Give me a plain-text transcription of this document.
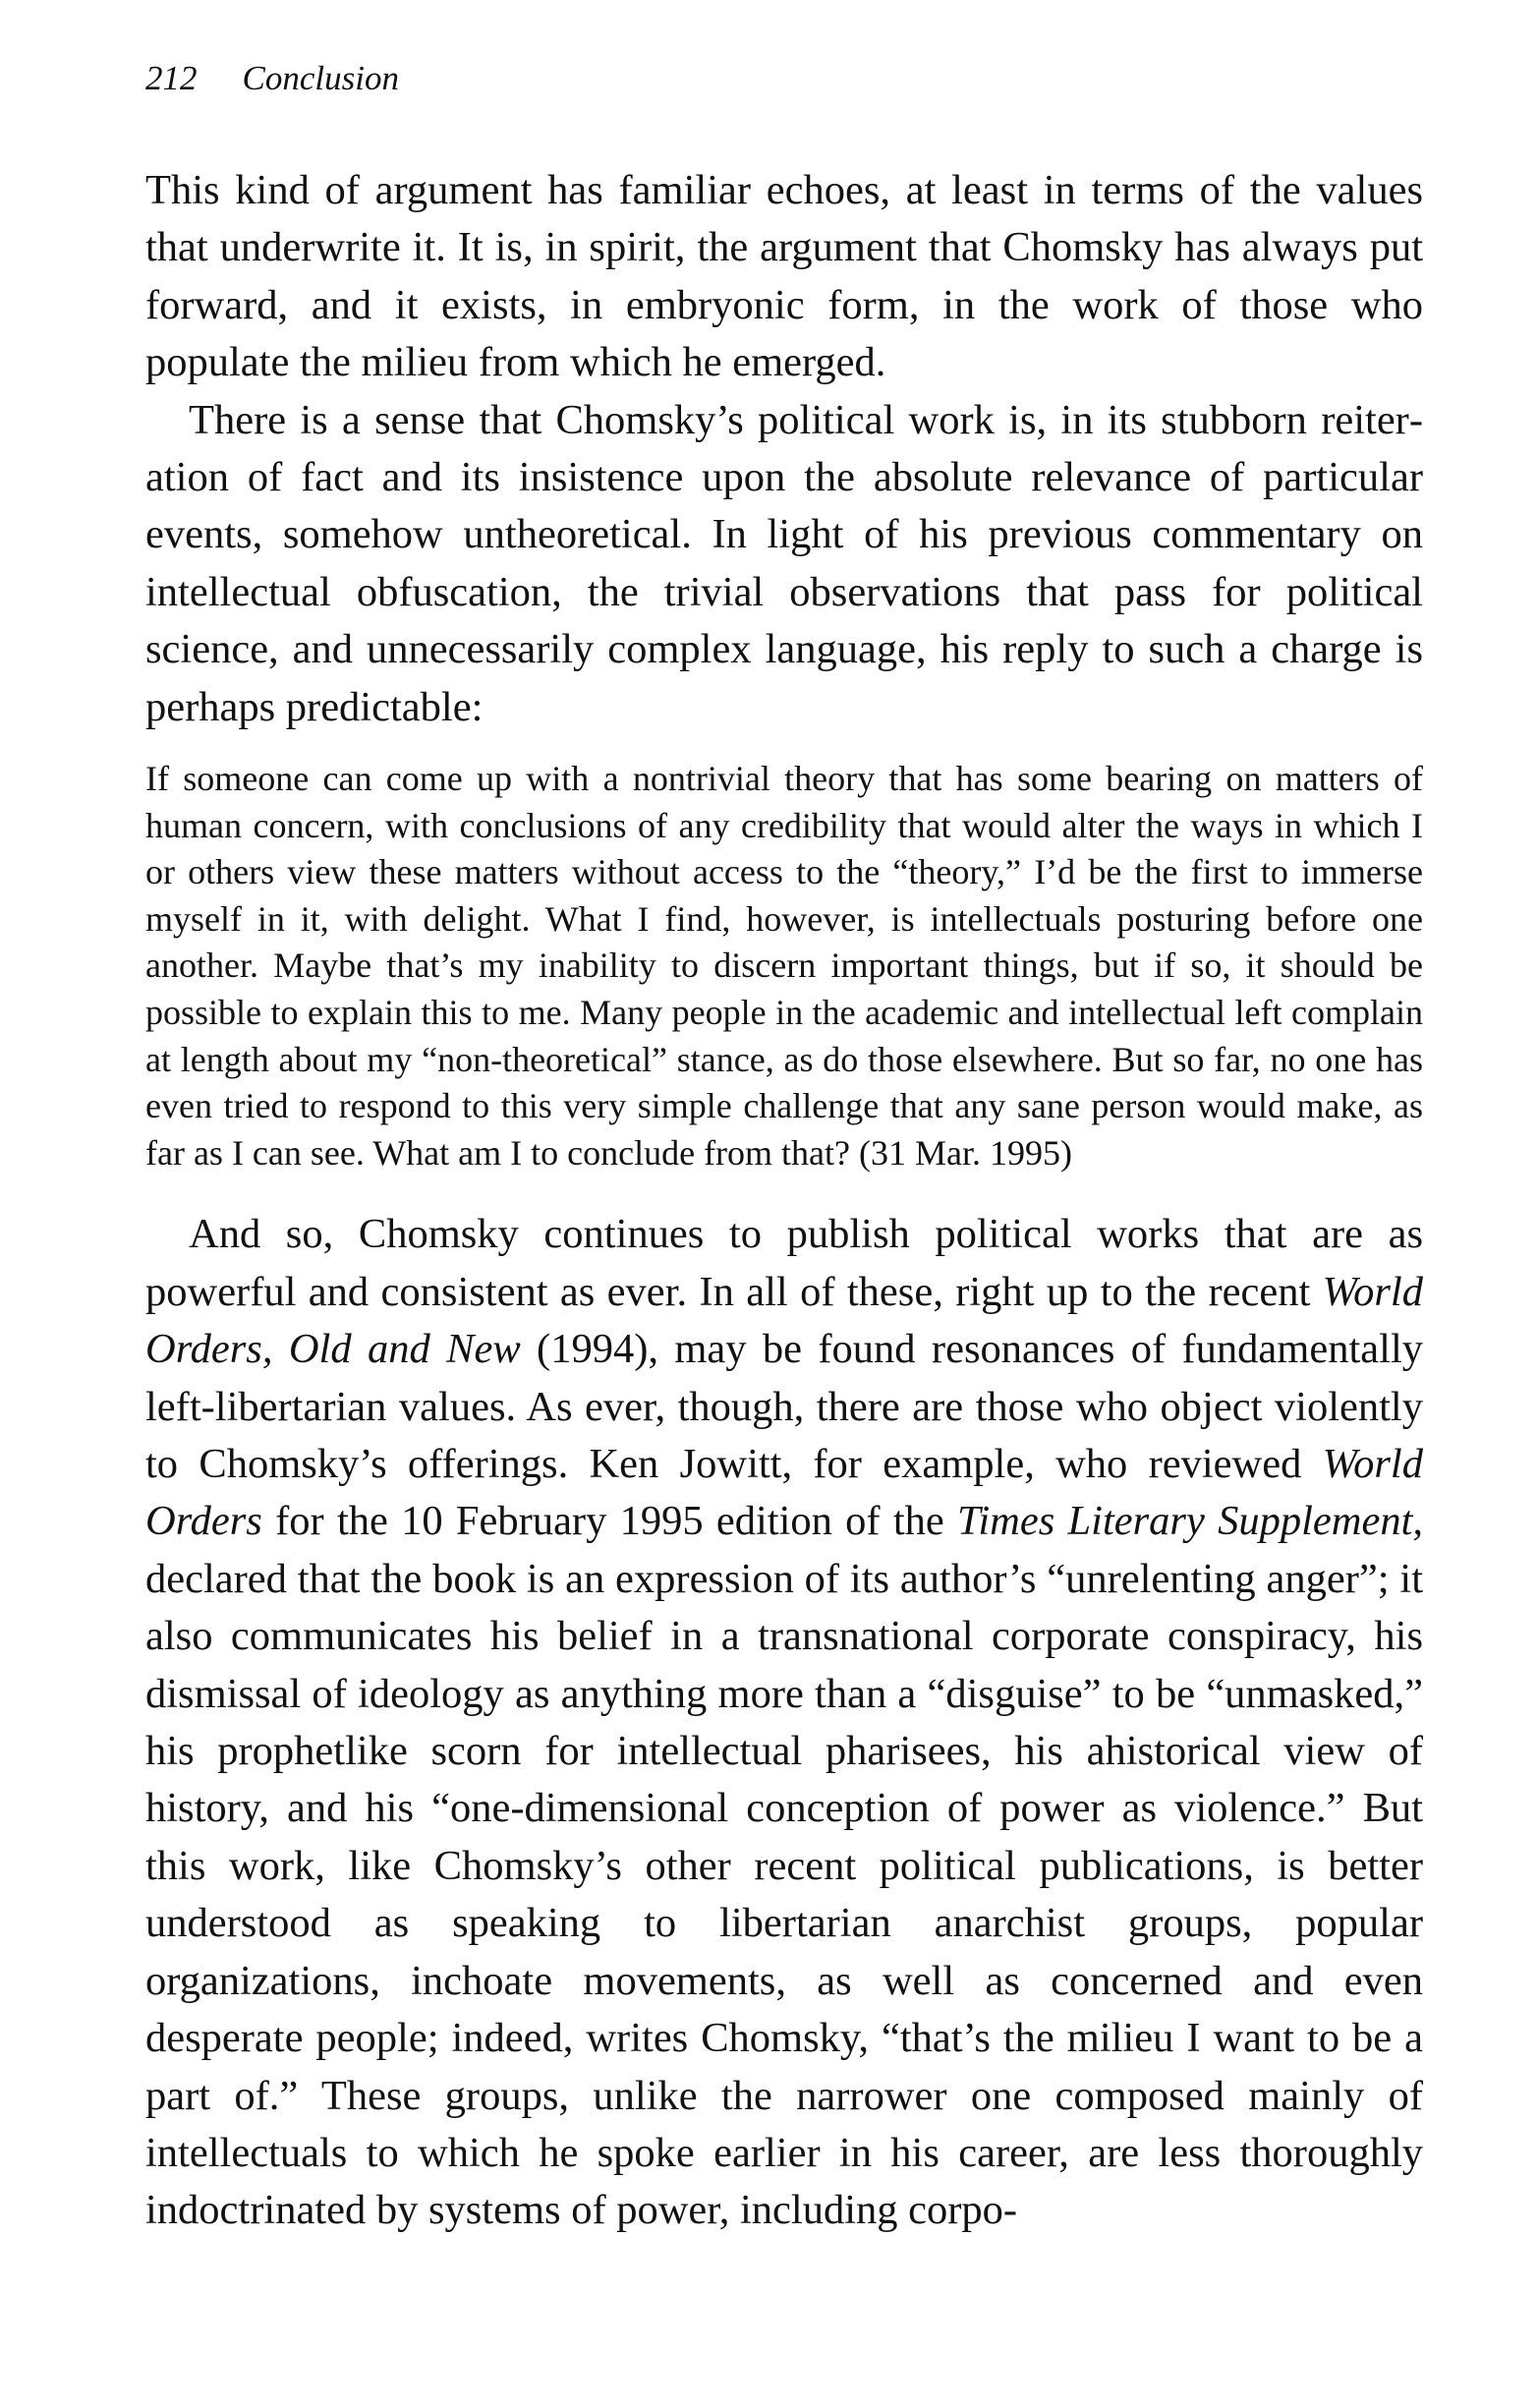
212 Conclusion

This kind of argument has familiar echoes, at least in terms of the values that underwrite it. It is, in spirit, the argument that Chomsky has always put forward, and it exists, in embryonic form, in the work of those who populate the milieu from which he emerged.

There is a sense that Chomsky’s political work is, in its stubborn reiteration of fact and its insistence upon the absolute relevance of particular events, somehow untheoretical. In light of his previous commentary on intellectual obfuscation, the trivial observations that pass for political science, and unnecessarily complex language, his reply to such a charge is perhaps predictable:

If someone can come up with a nontrivial theory that has some bearing on matters of human concern, with conclusions of any credibility that would alter the ways in which I or others view these matters without access to the “theory,” I’d be the first to immerse myself in it, with delight. What I find, however, is intellectuals posturing before one another. Maybe that’s my inability to discern important things, but if so, it should be possible to explain this to me. Many people in the academic and intellectual left complain at length about my “non-theoretical” stance, as do those elsewhere. But so far, no one has even tried to respond to this very simple challenge that any sane person would make, as far as I can see. What am I to conclude from that? (31 Mar. 1995)

And so, Chomsky continues to publish political works that are as powerful and consistent as ever. In all of these, right up to the recent World Orders, Old and New (1994), may be found resonances of fundamentally left-libertarian values. As ever, though, there are those who object violently to Chomsky’s offerings. Ken Jowitt, for example, who reviewed World Orders for the 10 February 1995 edition of the Times Literary Supplement, declared that the book is an expression of its author’s “unrelenting anger”; it also communicates his belief in a transnational corporate conspiracy, his dismissal of ideology as anything more than a “disguise” to be “unmasked,” his prophetlike scorn for intellectual pharisees, his ahistorical view of history, and his “one-dimensional conception of power as violence.” But this work, like Chomsky’s other recent political publications, is better understood as speaking to libertarian anarchist groups, popular organizations, inchoate movements, as well as concerned and even desperate people; indeed, writes Chomsky, “that’s the milieu I want to be a part of.” These groups, unlike the narrower one composed mainly of intellectuals to which he spoke earlier in his career, are less thoroughly indoctrinated by systems of power, including corpo-
